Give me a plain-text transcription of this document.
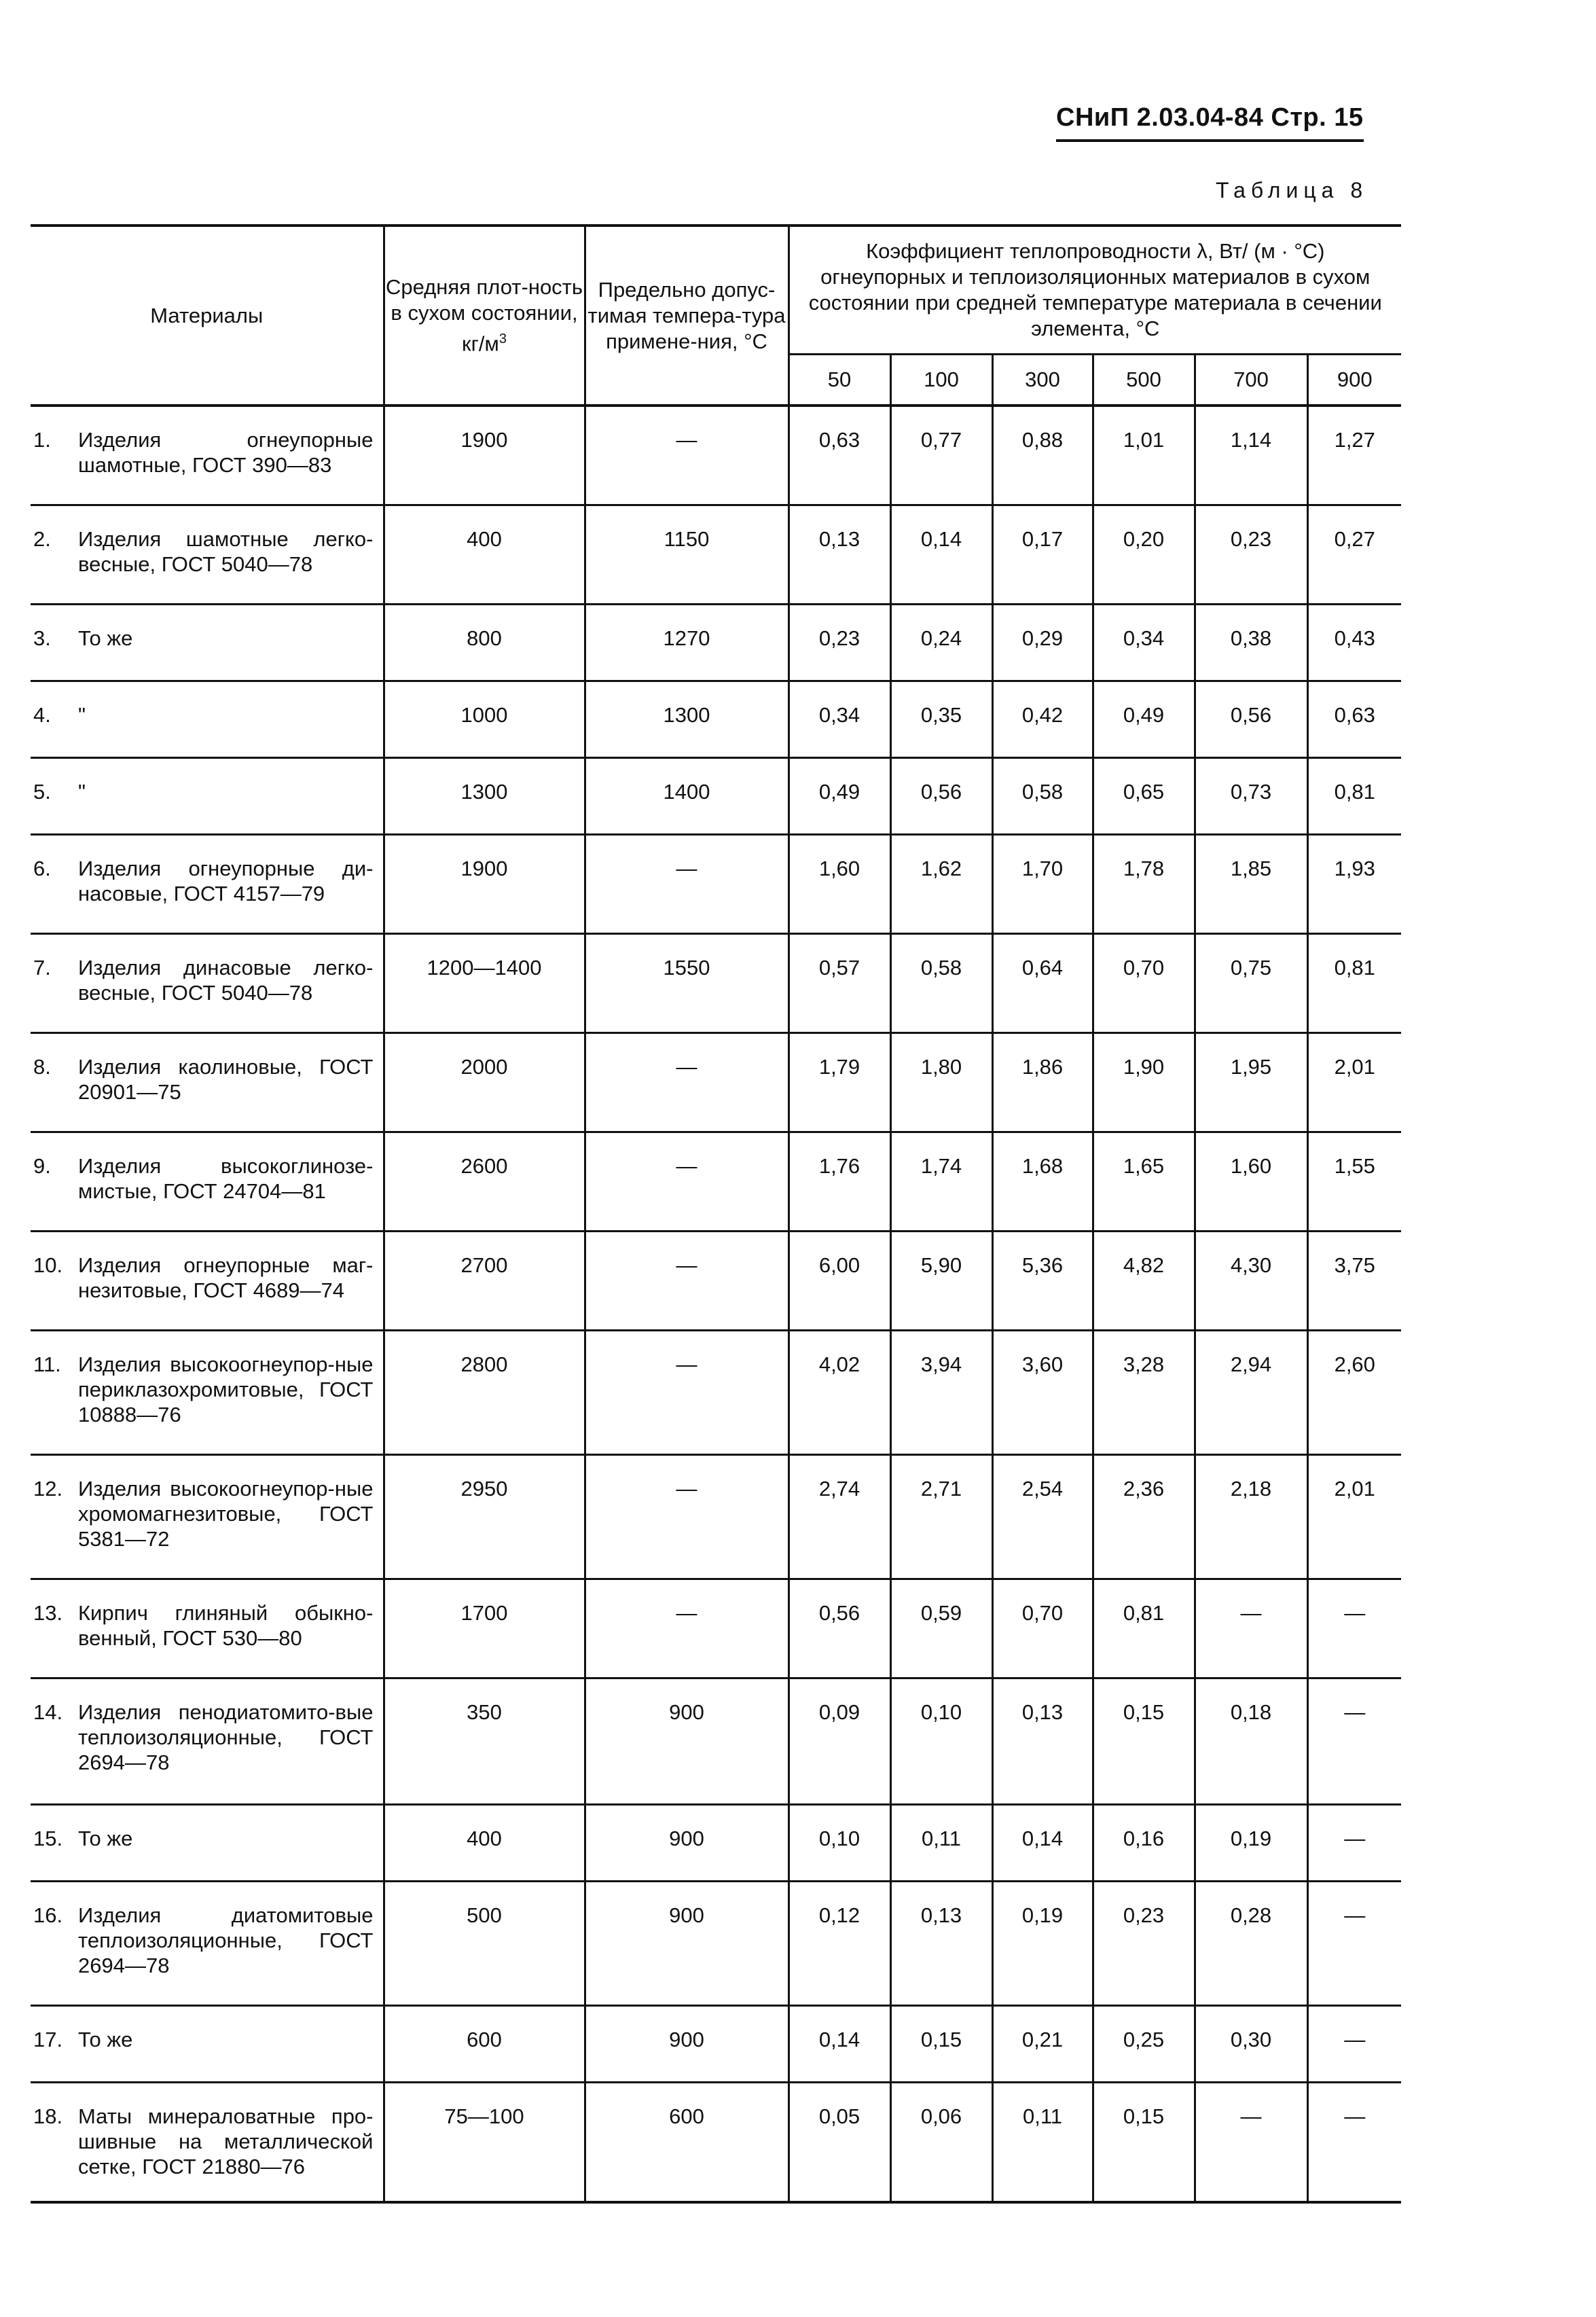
СНиП 2.03.04-84 Стр. 15
Таблица 8
Материалы		Средняя плот-ность в сухом состоянии, $кг/м^3$	Предельно допус-тимая темпера-тура примене-ния, °С	Коэффициент теплопроводности λ, Вт/ (м · °С) огнеупорных и теплоизоляционных материалов в сухом состоянии при средней температуре материала в сечении элемента, °С					

				50	100	300	500	700	900
1.	Изделия огнеупорные шамотные, ГОСТ 390—83	1900	—	0,63	0,77	0,88	1,01	1,14	1,27
2.	Изделия шамотные легко-весные, ГОСТ 5040—78	400	1150	0,13	0,14	0,17	0,20	0,23	0,27
3.	То же	800	1270	0,23	0,24	0,29	0,34	0,38	0,43
4.	"	1000	1300	0,34	0,35	0,42	0,49	0,56	0,63
5.	"	1300	1400	0,49	0,56	0,58	0,65	0,73	0,81
6.	Изделия огнеупорные ди-насовые, ГОСТ 4157—79	1900	—	1,60	1,62	1,70	1,78	1,85	1,93
7.	Изделия динасовые легко-весные, ГОСТ 5040—78	1200—1400	1550	0,57	0,58	0,64	0,70	0,75	0,81
8.	Изделия каолиновые, ГОСТ 20901—75	2000	—	1,79	1,80	1,86	1,90	1,95	2,01
9.	Изделия высокоглинозе-мистые, ГОСТ 24704—81	2600	—	1,76	1,74	1,68	1,65	1,60	1,55
10.	Изделия огнеупорные маг-незитовые, ГОСТ 4689—74	2700	—	6,00	5,90	5,36	4,82	4,30	3,75
11.	Изделия высокоогнеупор-ные периклазохромитовые, ГОСТ 10888—76	2800	—	4,02	3,94	3,60	3,28	2,94	2,60
12.	Изделия высокоогнеупор-ные хромомагнезитовые, ГОСТ 5381—72	2950	—	2,74	2,71	2,54	2,36	2,18	2,01
13.	Кирпич глиняный обыкно-венный, ГОСТ 530—80	1700	—	0,56	0,59	0,70	0,81	—	—
14.	Изделия пенодиатомито-вые теплоизоляционные, ГОСТ 2694—78	350	900	0,09	0,10	0,13	0,15	0,18	—
15.	То же	400	900	0,10	0,11	0,14	0,16	0,19	—
16.	Изделия диатомитовые теплоизоляционные, ГОСТ 2694—78	500	900	0,12	0,13	0,19	0,23	0,28	—
17.	То же	600	900	0,14	0,15	0,21	0,25	0,30	—
18.	Маты минераловатные про-шивные на металлической сетке, ГОСТ 21880—76	75—100	600	0,05	0,06	0,11	0,15	—	—
